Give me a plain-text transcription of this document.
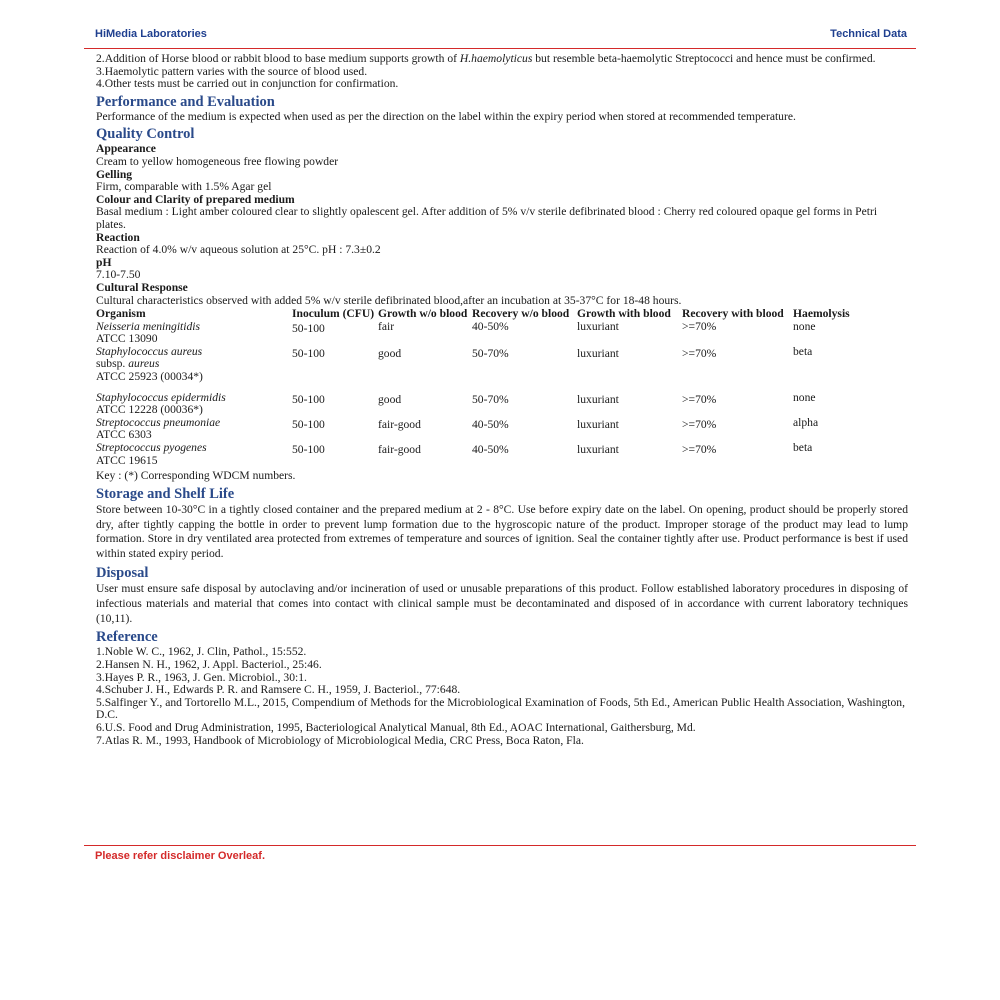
HiMedia Laboratories	Technical Data

2.Addition of Horse blood or rabbit blood to base medium supports growth of H.haemolyticus but resemble beta-haemolytic Streptococci and hence must be confirmed.

3.Haemolytic pattern varies with the source of blood used.

4.Other tests must be carried out in conjunction for confirmation.

Performance and Evaluation

Performance of the medium is expected when used as per the direction on the label within the expiry period when stored at recommended temperature.

Quality Control

Appearance

Cream to yellow homogeneous free flowing powder

Gelling

Firm, comparable with 1.5% Agar gel

Colour and Clarity of prepared medium

Basal medium : Light amber coloured clear to slightly opalescent gel. After addition of 5% v/v sterile defibrinated blood : Cherry red coloured opaque gel forms in Petri plates.

Reaction

Reaction of 4.0% w/v aqueous solution at 25°C. pH : 7.3±0.2

pH

7.10-7.50

Cultural Response

Cultural characteristics observed with added 5% w/v sterile defibrinated blood,after an incubation at 35-37°C for 18-48 hours.

Organism	Inoculum (CFU)	Growth w/o blood	Recovery w/o blood	Growth with blood	Recovery with blood	Haemolysis
Neisseria meningitidis
ATCC 13090	50-100	fair	40-50%	luxuriant	>=70%	none
Staphylococcus aureus
subsp. aureus
ATCC 25923 (00034*)	50-100	good	50-70%	luxuriant	>=70%	beta

Staphylococcus epidermidis
ATCC 12228 (00036*)	50-100	good	50-70%	luxuriant	>=70%	none
Streptococcus pneumoniae
ATCC 6303	50-100	fair-good	40-50%	luxuriant	>=70%	alpha
Streptococcus pyogenes
ATCC 19615	50-100	fair-good	40-50%	luxuriant	>=70%	beta

Key : (*) Corresponding WDCM numbers.

Storage and Shelf Life

Store between 10-30°C in a tightly closed container and the prepared medium at 2 - 8°C. Use before expiry date on the label. On opening, product should be properly stored dry, after tightly capping the bottle in order to prevent lump formation due to the hygroscopic nature of the product. Improper storage of the product may lead to lump formation. Store in dry ventilated area protected from extremes of temperature and sources of ignition. Seal the container tightly after use. Product performance is best if used within stated expiry period.

Disposal

User must ensure safe disposal by autoclaving and/or incineration of used or unusable preparations of this product. Follow established laboratory procedures in disposing of infectious materials and material that comes into contact with clinical sample must be decontaminated and disposed of in accordance with current laboratory techniques (10,11).

Reference

1.Noble W. C., 1962, J. Clin, Pathol., 15:552.

2.Hansen N. H., 1962, J. Appl. Bacteriol., 25:46.

3.Hayes P. R., 1963, J. Gen. Microbiol., 30:1.

4.Schuber J. H., Edwards P. R. and Ramsere C. H., 1959, J. Bacteriol., 77:648.

5.Salfinger Y., and Tortorello M.L., 2015, Compendium of Methods for the Microbiological Examination of Foods, 5th Ed., American Public Health Association, Washington, D.C.

6.U.S. Food and Drug Administration, 1995, Bacteriological Analytical Manual, 8th Ed., AOAC International, Gaithersburg, Md.

7.Atlas R. M., 1993, Handbook of Microbiology of Microbiological Media, CRC Press, Boca Raton, Fla.

Please refer disclaimer Overleaf.
